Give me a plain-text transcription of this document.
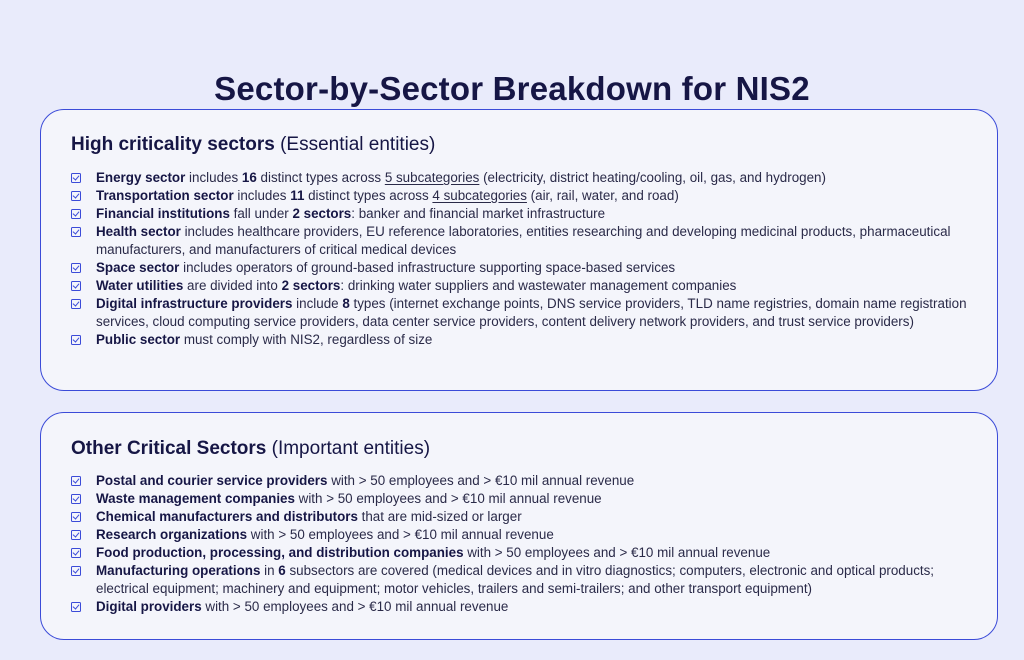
Sector-by-Sector Breakdown for NIS2
High criticality sectors (Essential entities)
Energy sector includes 16 distinct types across 5 subcategories (electricity, district heating/cooling, oil, gas, and hydrogen)
Transportation sector includes 11 distinct types across 4 subcategories (air, rail, water, and road)
Financial institutions fall under 2 sectors: banker and financial market infrastructure
Health sector includes healthcare providers, EU reference laboratories, entities researching and developing medicinal products, pharmaceutical manufacturers, and manufacturers of critical medical devices
Space sector includes operators of ground-based infrastructure supporting space-based services
Water utilities are divided into 2 sectors: drinking water suppliers and wastewater management companies
Digital infrastructure providers include 8 types (internet exchange points, DNS service providers, TLD name registries, domain name registration services, cloud computing service providers, data center service providers, content delivery network providers, and trust service providers)
Public sector must comply with NIS2, regardless of size
Other Critical Sectors (Important entities)
Postal and courier service providers with > 50 employees and > €10 mil annual revenue
Waste management companies with > 50 employees and > €10 mil annual revenue
Chemical manufacturers and distributors that are mid-sized or larger
Research organizations with > 50 employees and > €10 mil annual revenue
Food production, processing, and distribution companies with > 50 employees and > €10 mil annual revenue
Manufacturing operations in 6 subsectors are covered (medical devices and in vitro diagnostics; computers, electronic and optical products; electrical equipment; machinery and equipment; motor vehicles, trailers and semi-trailers; and other transport equipment)
Digital providers with > 50 employees and > €10 mil annual revenue
